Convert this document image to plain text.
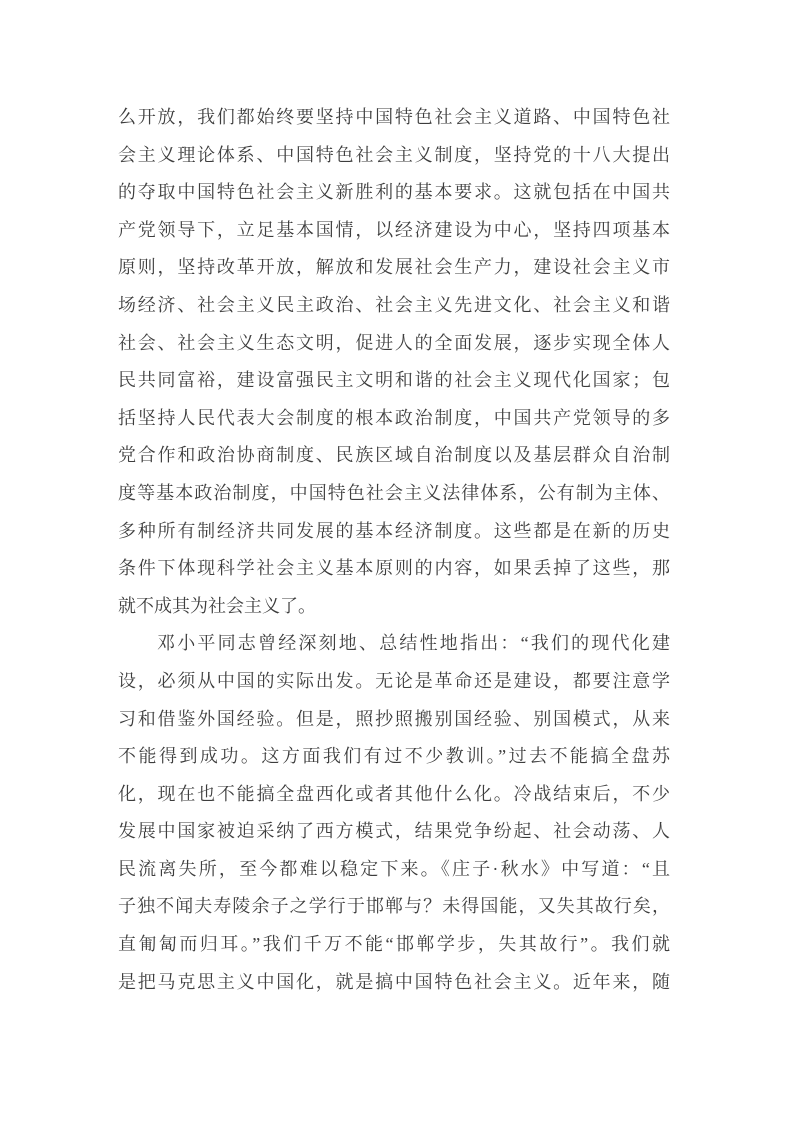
么开放，我们都始终要坚持中国特色社会主义道路、中国特色社
会主义理论体系、中国特色社会主义制度，坚持党的十八大提出
的夺取中国特色社会主义新胜利的基本要求。这就包括在中国共
产党领导下，立足基本国情，以经济建设为中心，坚持四项基本
原则，坚持改革开放，解放和发展社会生产力，建设社会主义市
场经济、社会主义民主政治、社会主义先进文化、社会主义和谐
社会、社会主义生态文明，促进人的全面发展，逐步实现全体人
民共同富裕，建设富强民主文明和谐的社会主义现代化国家；包
括坚持人民代表大会制度的根本政治制度，中国共产党领导的多
党合作和政治协商制度、民族区域自治制度以及基层群众自治制
度等基本政治制度，中国特色社会主义法律体系，公有制为主体、
多种所有制经济共同发展的基本经济制度。这些都是在新的历史
条件下体现科学社会主义基本原则的内容，如果丢掉了这些，那
就不成其为社会主义了。
邓小平同志曾经深刻地、总结性地指出：“我们的现代化建
设，必须从中国的实际出发。无论是革命还是建设，都要注意学
习和借鉴外国经验。但是，照抄照搬别国经验、别国模式，从来
不能得到成功。这方面我们有过不少教训。”过去不能搞全盘苏
化，现在也不能搞全盘西化或者其他什么化。冷战结束后，不少
发展中国家被迫采纳了西方模式，结果党争纷起、社会动荡、人
民流离失所，至今都难以稳定下来。《庄子·秋水》中写道：“且
子独不闻夫寿陵余子之学行于邯郸与？未得国能，又失其故行矣，
直匍匐而归耳。”我们千万不能“邯郸学步，失其故行”。我们就
是把马克思主义中国化，就是搞中国特色社会主义。近年来，随
